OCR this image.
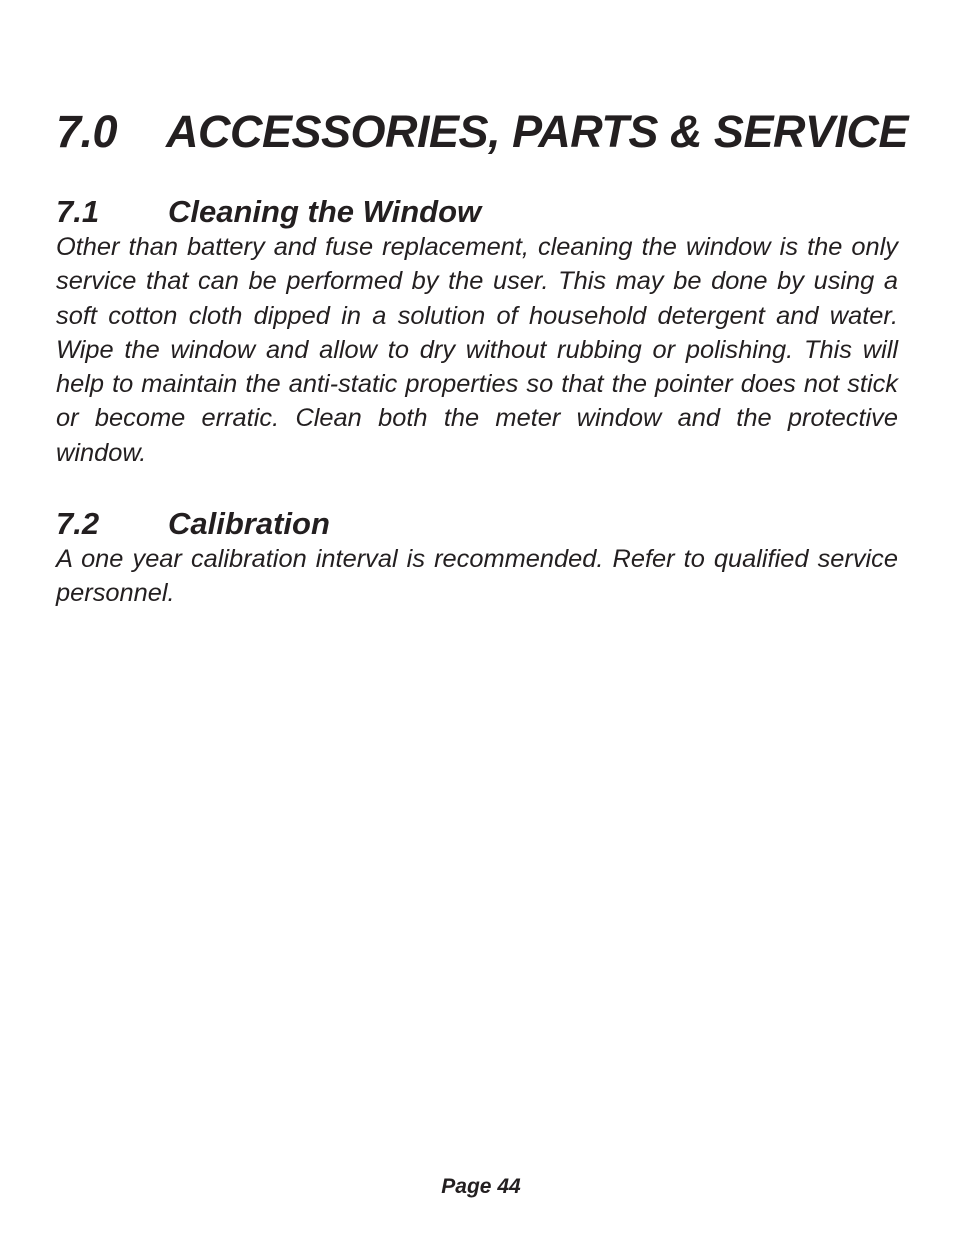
7.0 ACCESSORIES, PARTS & SERVICE
7.1 Cleaning the Window

Other than battery and fuse replacement, cleaning the window is the only service that can be performed by the user. This may be done by using a soft cotton cloth dipped in a solution of household detergent and water. Wipe the window and allow to dry without rubbing or polishing. This will help to maintain the anti-static properties so that the pointer does not stick or become erratic. Clean both the meter window and the protective window.

7.2 Calibration

A one year calibration interval is recommended. Refer to qualified service personnel.

Page 44
